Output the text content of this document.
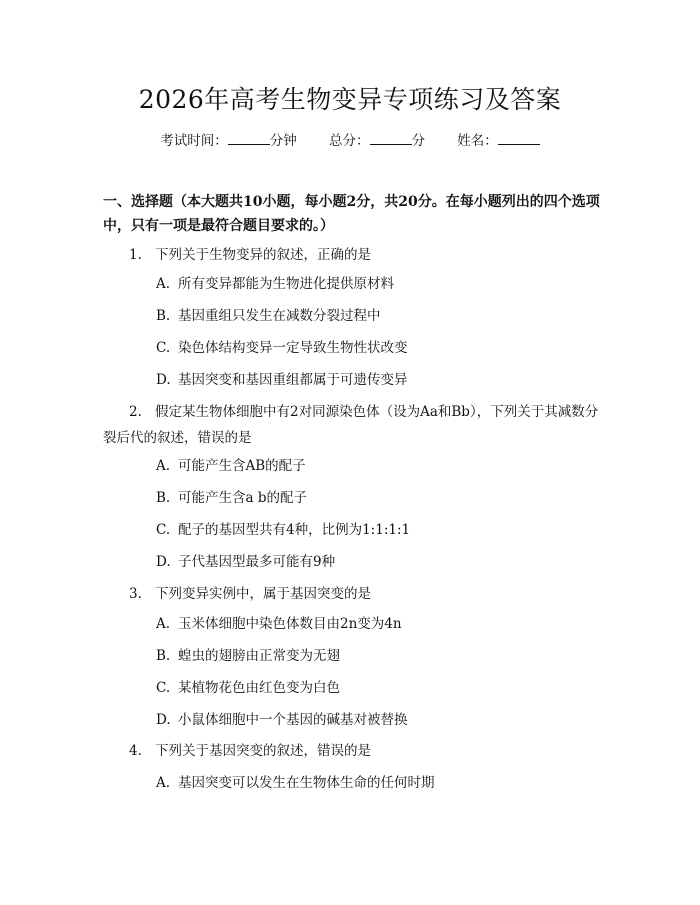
2026年高考生物变异专项练习及答案
考试时间：	分钟 总分：	分 姓名：
一、选择题（本大题共10小题，每小题2分，共20分。在每小题列出的四个选项中，只有一项是最符合题目要求的。）
1. 下列关于生物变异的叙述，正确的是
A. 所有变异都能为生物进化提供原材料
B. 基因重组只发生在减数分裂过程中
C. 染色体结构变异一定导致生物性状改变
D. 基因突变和基因重组都属于可遗传变异
2. 假定某生物体细胞中有2对同源染色体（设为Aa和Bb），下列关于其减数分裂后代的叙述，错误的是
A. 可能产生含AB的配子
B. 可能产生含a b的配子
C. 配子的基因型共有4种，比例为1:1:1:1
D. 子代基因型最多可能有9种
3. 下列变异实例中，属于基因突变的是
A. 玉米体细胞中染色体数目由2n变为4n
B. 蝗虫的翅膀由正常变为无翅
C. 某植物花色由红色变为白色
D. 小鼠体细胞中一个基因的碱基对被替换
4. 下列关于基因突变的叙述，错误的是
A. 基因突变可以发生在生物体生命的任何时期
